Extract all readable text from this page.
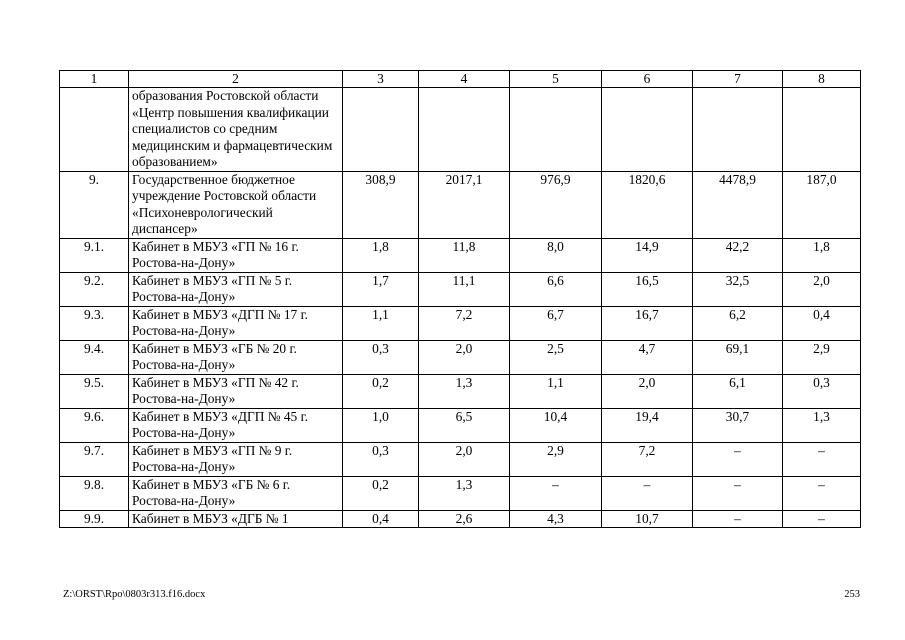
1	2	3	4	5	6	7	8
	образования Ростовской области «Центр повышения квалификации специалистов со средним медицинским и фармацевтическим образованием»						
9.	Государственное бюджетное учреждение Ростовской области «Психоневрологический диспансер»	308,9	2017,1	976,9	1820,6	4478,9	187,0
9.1.	Кабинет в МБУЗ «ГП № 16 г. Ростова-на-Дону»	1,8	11,8	8,0	14,9	42,2	1,8
9.2.	Кабинет в МБУЗ «ГП № 5 г. Ростова-на-Дону»	1,7	11,1	6,6	16,5	32,5	2,0
9.3.	Кабинет в МБУЗ «ДГП № 17 г. Ростова-на-Дону»	1,1	7,2	6,7	16,7	6,2	0,4
9.4.	Кабинет в МБУЗ «ГБ № 20 г. Ростова-на-Дону»	0,3	2,0	2,5	4,7	69,1	2,9
9.5.	Кабинет в МБУЗ «ГП № 42 г. Ростова-на-Дону»	0,2	1,3	1,1	2,0	6,1	0,3
9.6.	Кабинет в МБУЗ «ДГП № 45 г. Ростова-на-Дону»	1,0	6,5	10,4	19,4	30,7	1,3
9.7.	Кабинет в МБУЗ «ГП № 9 г. Ростова-на-Дону»	0,3	2,0	2,9	7,2	–	–
9.8.	Кабинет в МБУЗ «ГБ № 6 г. Ростова-на-Дону»	0,2	1,3	–	–	–	–
9.9.	Кабинет в МБУЗ «ДГБ № 1	0,4	2,6	4,3	10,7	–	–
Z:\ORST\Rpo\0803r313.f16.docx	253
